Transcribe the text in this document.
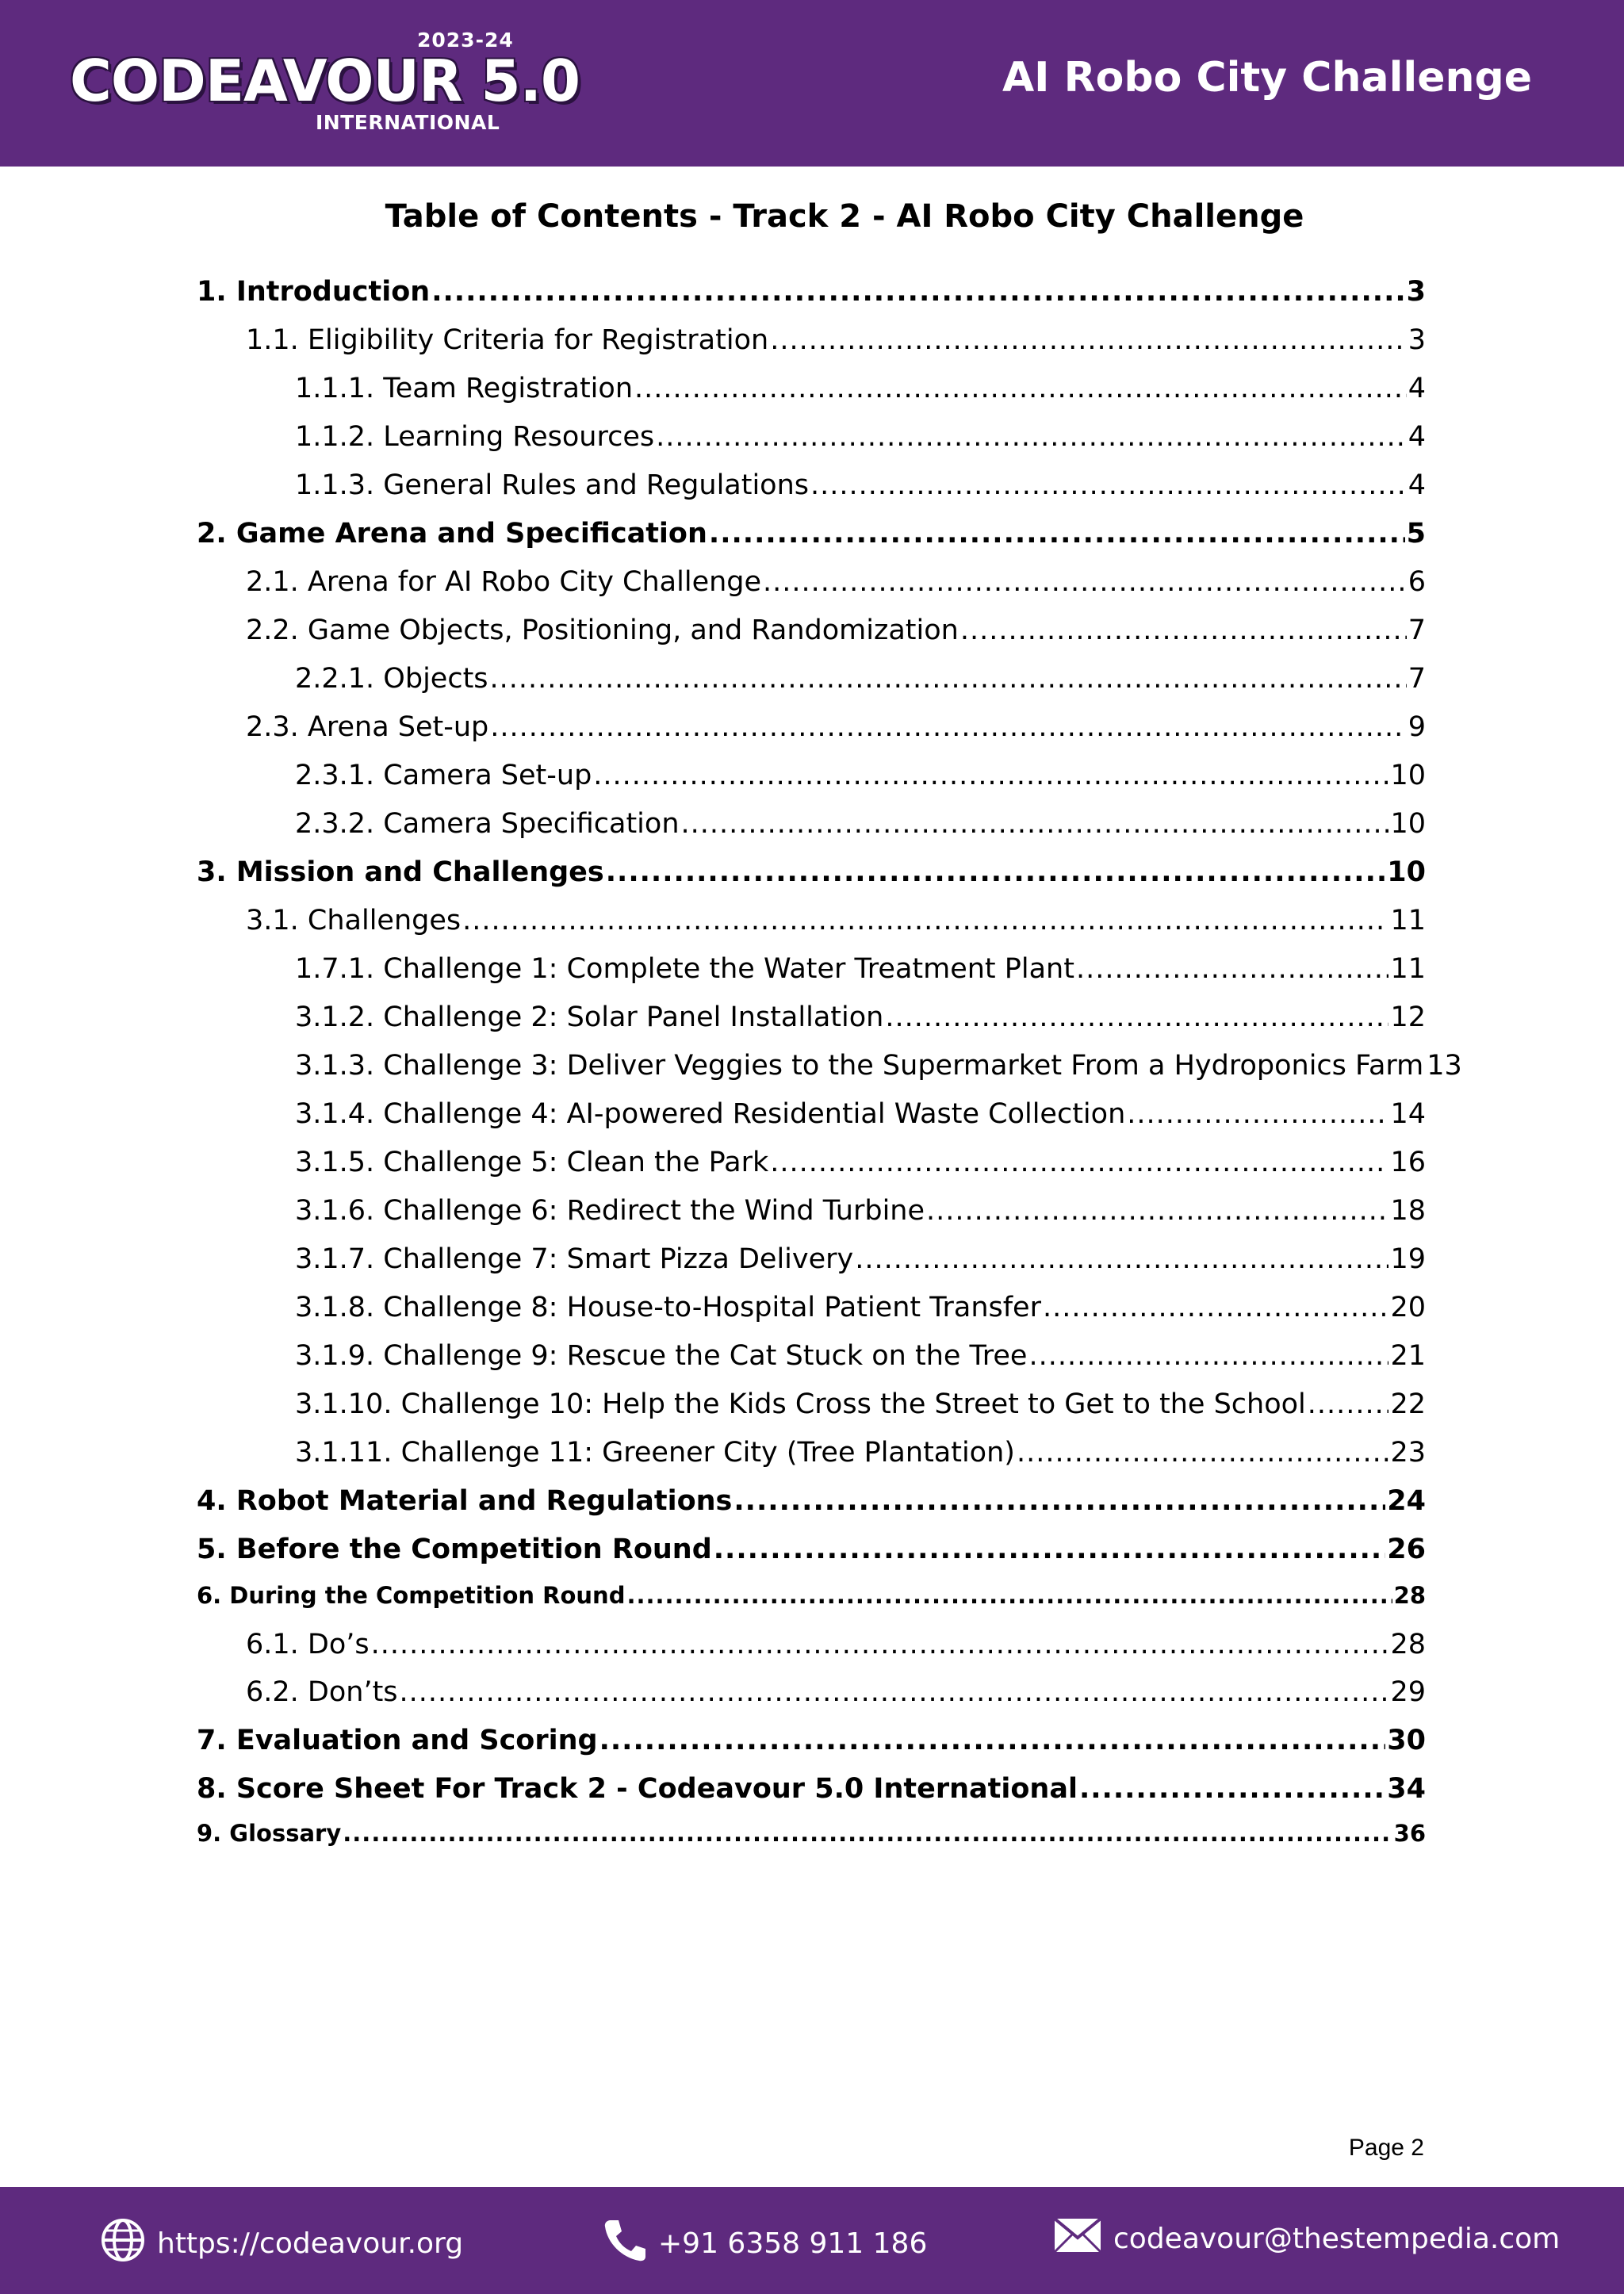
2023-24
CODEAVOUR 5.0
INTERNATIONAL
AI Robo City Challenge
Table of Contents - Track 2 - AI Robo City Challenge
1. Introduction .....	3
1.1. Eligibility Criteria for Registration .....	3
1.1.1. Team Registration .....	4
1.1.2. Learning Resources .....	4
1.1.3. General Rules and Regulations .....	4
2. Game Arena and Specification .....	5
2.1. Arena for AI Robo City Challenge .....	6
2.2. Game Objects, Positioning, and Randomization .....	7
2.2.1. Objects .....	7
2.3. Arena Set-up .....	9
2.3.1. Camera Set-up .....	10
2.3.2. Camera Specification .....	10
3. Mission and Challenges .....	10
3.1. Challenges .....	11
1.7.1. Challenge 1: Complete the Water Treatment Plant .....	11
3.1.2. Challenge 2: Solar Panel Installation .....	12
3.1.3. Challenge 3: Deliver Veggies to the Supermarket From a Hydroponics Farm 13
3.1.4. Challenge 4: AI-powered Residential Waste Collection .....	14
3.1.5. Challenge 5: Clean the Park .....	16
3.1.6. Challenge 6: Redirect the Wind Turbine .....	18
3.1.7. Challenge 7: Smart Pizza Delivery .....	19
3.1.8. Challenge 8: House-to-Hospital Patient Transfer .....	20
3.1.9. Challenge 9: Rescue the Cat Stuck on the Tree .....	21
3.1.10. Challenge 10: Help the Kids Cross the Street to Get to the School .....	22
3.1.11. Challenge 11: Greener City (Tree Plantation) .....	23
4. Robot Material and Regulations .....	24
5. Before the Competition Round .....	26
6. During the Competition Round .....	28
6.1. Do’s .....	28
6.2. Don’ts .....	29
7. Evaluation and Scoring .....	30
8. Score Sheet For Track 2 - Codeavour 5.0 International .....	34
9. Glossary .....	36
Page 2
https://codeavour.org	+91 6358 911 186	codeavour@thestempedia.com
